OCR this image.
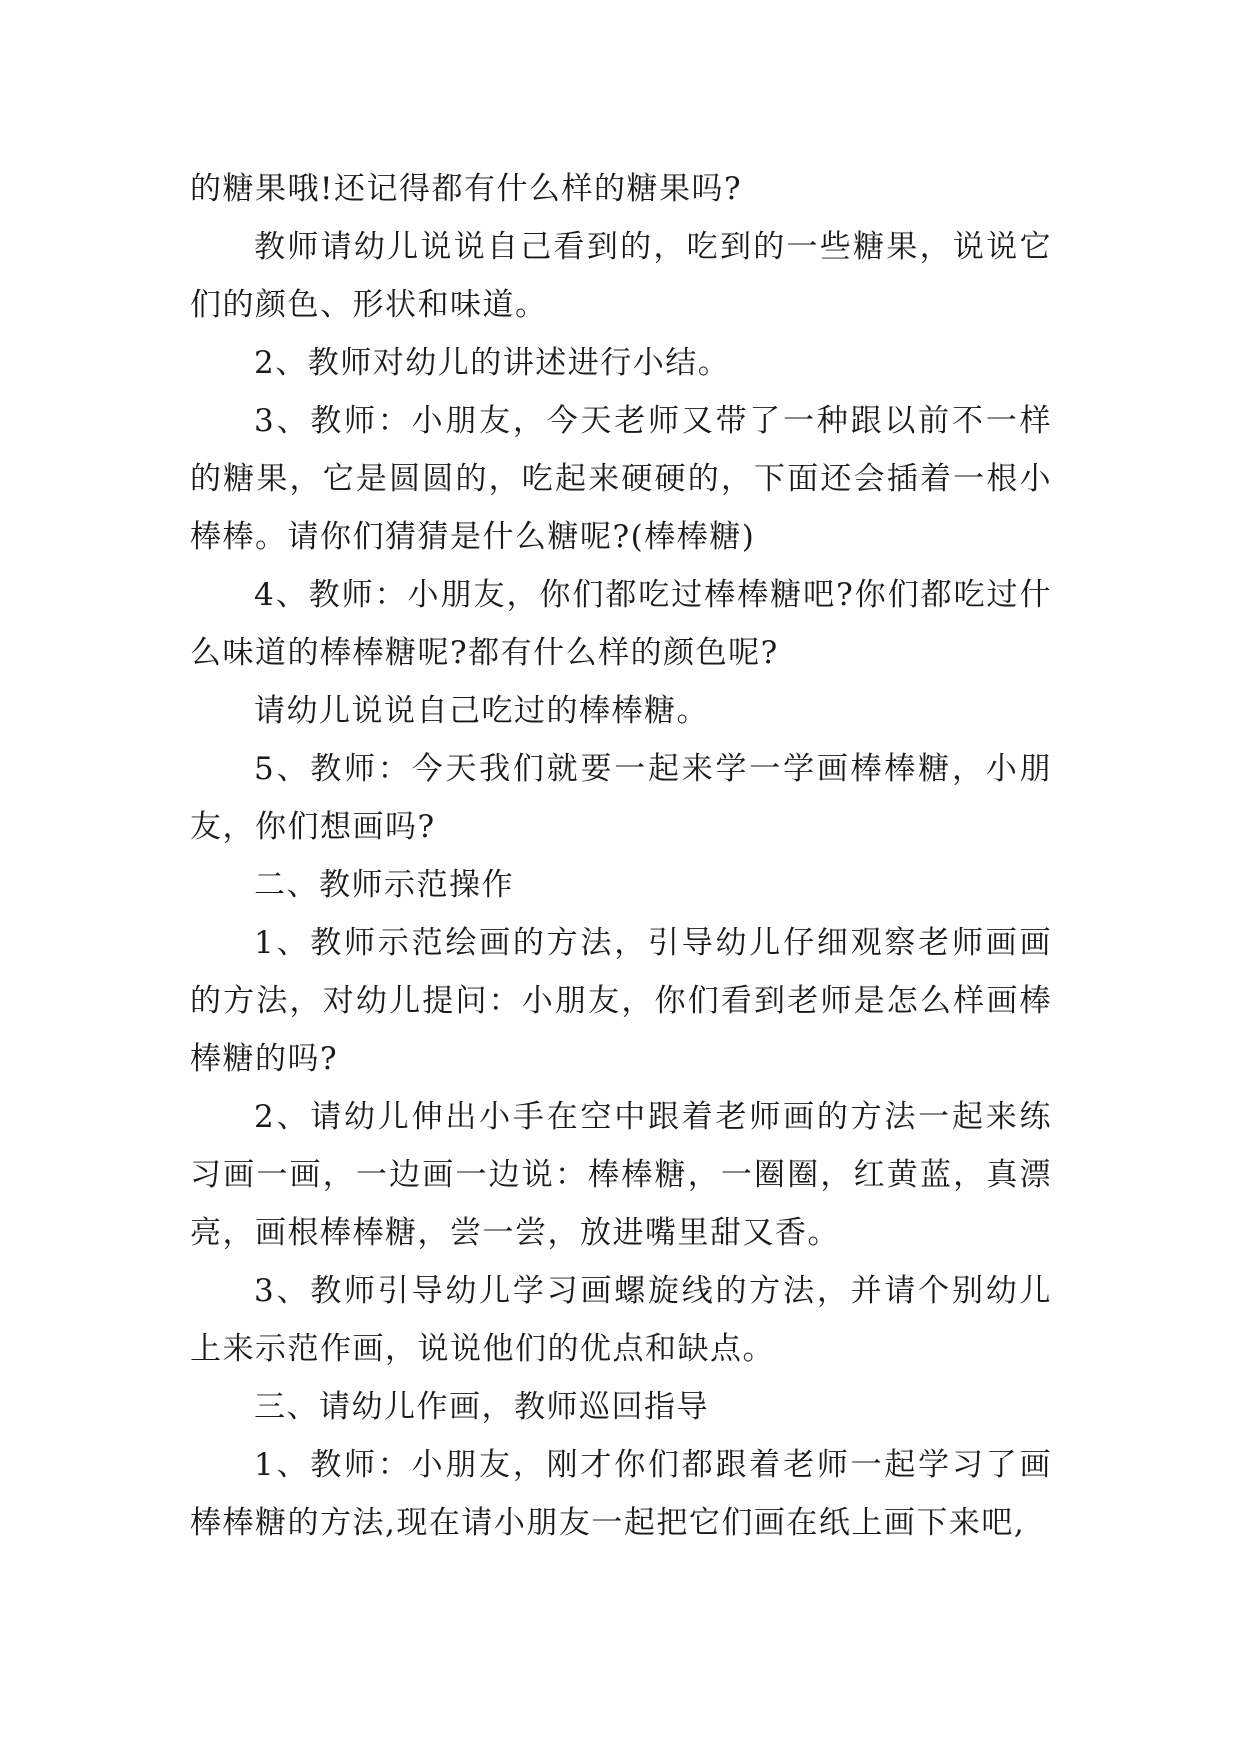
的糖果哦!还记得都有什么样的糖果吗?

教师请幼儿说说自己看到的，吃到的一些糖果，说说它们的颜色、形状和味道。

2、教师对幼儿的讲述进行小结。

3、教师：小朋友，今天老师又带了一种跟以前不一样的糖果，它是圆圆的，吃起来硬硬的，下面还会插着一根小棒棒。请你们猜猜是什么糖呢?(棒棒糖)

4、教师：小朋友，你们都吃过棒棒糖吧?你们都吃过什么味道的棒棒糖呢?都有什么样的颜色呢?

请幼儿说说自己吃过的棒棒糖。

5、教师：今天我们就要一起来学一学画棒棒糖，小朋友，你们想画吗?

二、教师示范操作

1、教师示范绘画的方法，引导幼儿仔细观察老师画画的方法，对幼儿提问：小朋友，你们看到老师是怎么样画棒棒糖的吗?

2、请幼儿伸出小手在空中跟着老师画的方法一起来练习画一画，一边画一边说：棒棒糖，一圈圈，红黄蓝，真漂亮，画根棒棒糖，尝一尝，放进嘴里甜又香。

3、教师引导幼儿学习画螺旋线的方法，并请个别幼儿上来示范作画，说说他们的优点和缺点。

三、请幼儿作画，教师巡回指导

1、教师：小朋友，刚才你们都跟着老师一起学习了画棒棒糖的方法,现在请小朋友一起把它们画在纸上画下来吧,
